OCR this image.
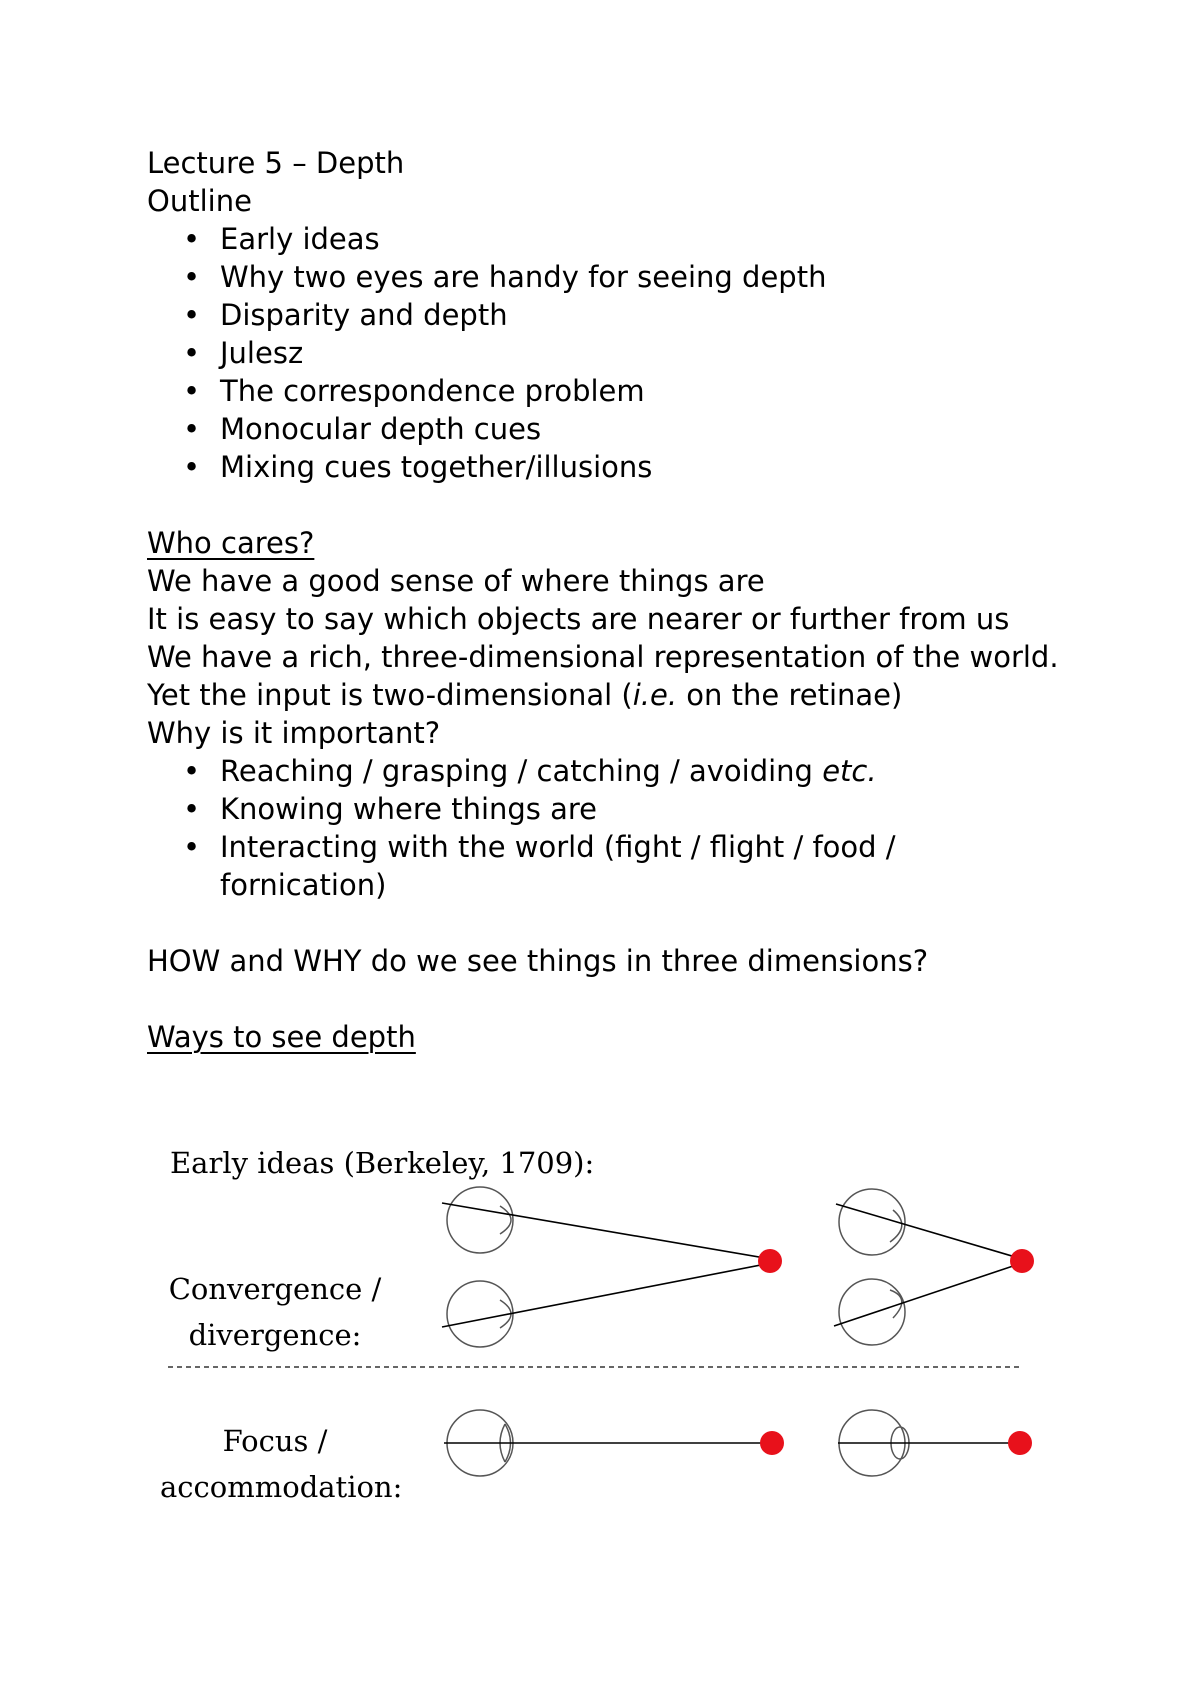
Lecture 5 – Depth

Outline

• Early ideas
• Why two eyes are handy for seeing depth
• Disparity and depth
• Julesz
• The correspondence problem
• Monocular depth cues
• Mixing cues together/illusions

Who cares?

We have a good sense of where things are

It is easy to say which objects are nearer or further from us

We have a rich, three-dimensional representation of the world. Yet the input is two-dimensional (i.e. on the retinae)

Why is it important?

• Reaching / grasping / catching / avoiding etc.
• Knowing where things are
• Interacting with the world (fight / flight / food / fornication)

HOW and WHY do we see things in three dimensions?

Ways to see depth

Early ideas (Berkeley, 1709):
Convergence /
divergence:
Focus /
accommodation:
